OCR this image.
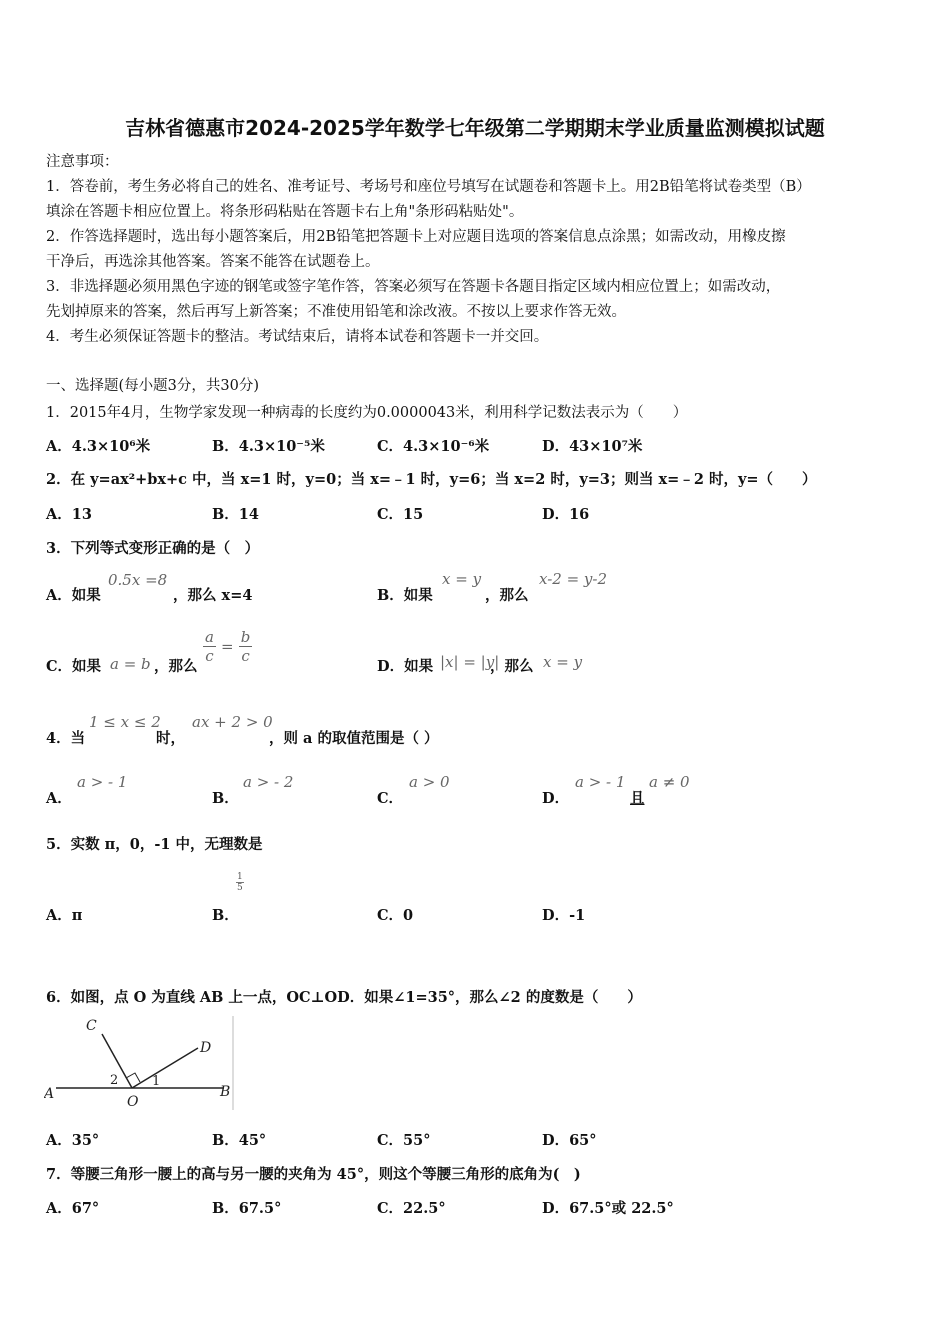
吉林省德惠市2024-2025学年数学七年级第二学期期末学业质量监测模拟试题
注意事项：
1．答卷前，考生务必将自己的姓名、准考证号、考场号和座位号填写在试题卷和答题卡上。用2B铅笔将试卷类型（B）
填涂在答题卡相应位置上。将条形码粘贴在答题卡右上角"条形码粘贴处"。
2．作答选择题时，选出每小题答案后，用2B铅笔把答题卡上对应题目选项的答案信息点涂黑；如需改动，用橡皮擦
干净后，再选涂其他答案。答案不能答在试题卷上。
3．非选择题必须用黑色字迹的钢笔或签字笔作答，答案必须写在答题卡各题目指定区域内相应位置上；如需改动，
先划掉原来的答案，然后再写上新答案；不准使用铅笔和涂改液。不按以上要求作答无效。
4．考生必须保证答题卡的整洁。考试结束后，请将本试卷和答题卡一并交回。
一、选择题(每小题3分，共30分)
1．2015年4月，生物学家发现一种病毒的长度约为0.0000043米，利用科学记数法表示为（　　）
A．4.3×10⁶米	B．4.3×10⁻⁵米	C．4.3×10⁻⁶米	D．43×10⁷米
2．在 y=ax²+bx+c 中，当 x=1 时，y=0；当 x=﹣1 时，y=6；当 x=2 时，y=3；则当 x=﹣2 时，y=（　　）
A．13	B．14	C．15	D．16
3．下列等式变形正确的是（　）
A．如果
0.5x =8
，那么 x=4	B．如果
x = y
，那么
x-2 = y-2
C．如果 a = b ，那么
$\frac{a}{c} = \frac{b}{c}$
D．如果 |x| = |y|
，那么 x = y
4．当
1 ≤ x ≤ 2
时，
ax + 2 > 0
，则 a 的取值范围是（ ）
A．
a > - 1
B．
a > - 2
C．
a > 0
D．
a > - 1
且
a ≠ 0
5．实数 π，0，-1 中，无理数是
A．π	B．
$\frac{1}{5}$
C．0	D．-1
6．如图，点 O 为直线 AB 上一点，OC⊥OD．如果∠1=35°，那么∠2 的度数是（　　）
A	B
C
D
O
1
2
A．35°	B．45°	C．55°	D．65°
7．等腰三角形一腰上的高与另一腰的夹角为 45°，则这个等腰三角形的底角为(　)
A．67°	B．67.5°	C．22.5°	D．67.5°或 22.5°
